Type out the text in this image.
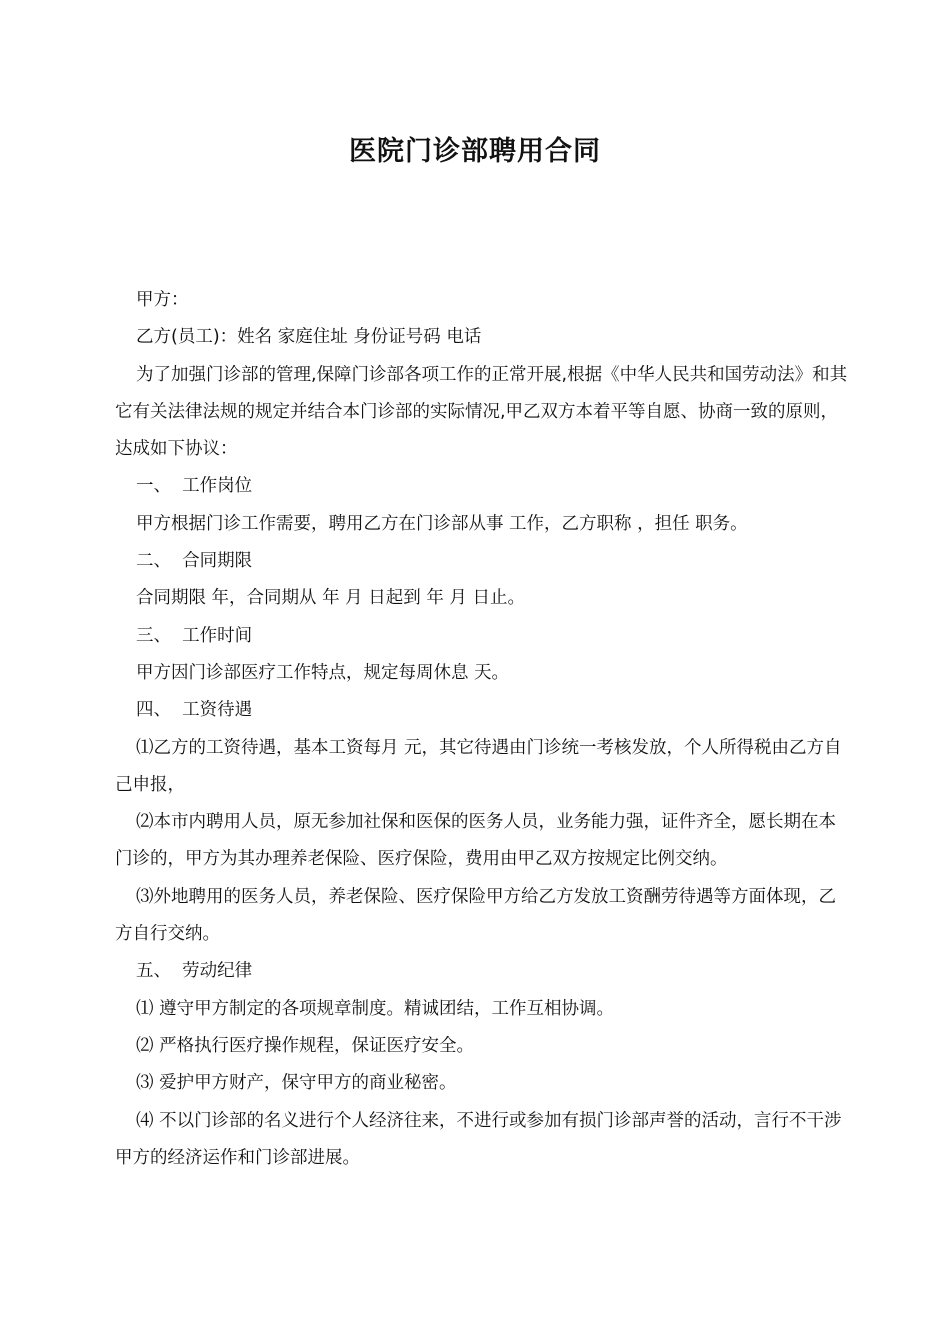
医院门诊部聘用合同

甲方：

乙方(员工)：姓名 家庭住址 身份证号码 电话

为了加强门诊部的管理,保障门诊部各项工作的正常开展,根据《中华人民共和国劳动法》和其它有关法律法规的规定并结合本门诊部的实际情况,甲乙双方本着平等自愿、协商一致的原则，达成如下协议：

一、  工作岗位

甲方根据门诊工作需要，聘用乙方在门诊部从事 工作，乙方职称 ，担任 职务。

二、  合同期限

合同期限 年，合同期从 年 月 日起到 年 月 日止。

三、  工作时间

甲方因门诊部医疗工作特点，规定每周休息 天。

四、  工资待遇

⑴乙方的工资待遇，基本工资每月 元，其它待遇由门诊统一考核发放，个人所得税由乙方自己申报，

⑵本市内聘用人员，原无参加社保和医保的医务人员，业务能力强，证件齐全，愿长期在本门诊的，甲方为其办理养老保险、医疗保险，费用由甲乙双方按规定比例交纳。

⑶外地聘用的医务人员，养老保险、医疗保险甲方给乙方发放工资酬劳待遇等方面体现，乙方自行交纳。

五、  劳动纪律

⑴ 遵守甲方制定的各项规章制度。精诚团结，工作互相协调。

⑵ 严格执行医疗操作规程，保证医疗安全。

⑶ 爱护甲方财产，保守甲方的商业秘密。

⑷ 不以门诊部的名义进行个人经济往来，不进行或参加有损门诊部声誉的活动，言行不干涉甲方的经济运作和门诊部进展。
